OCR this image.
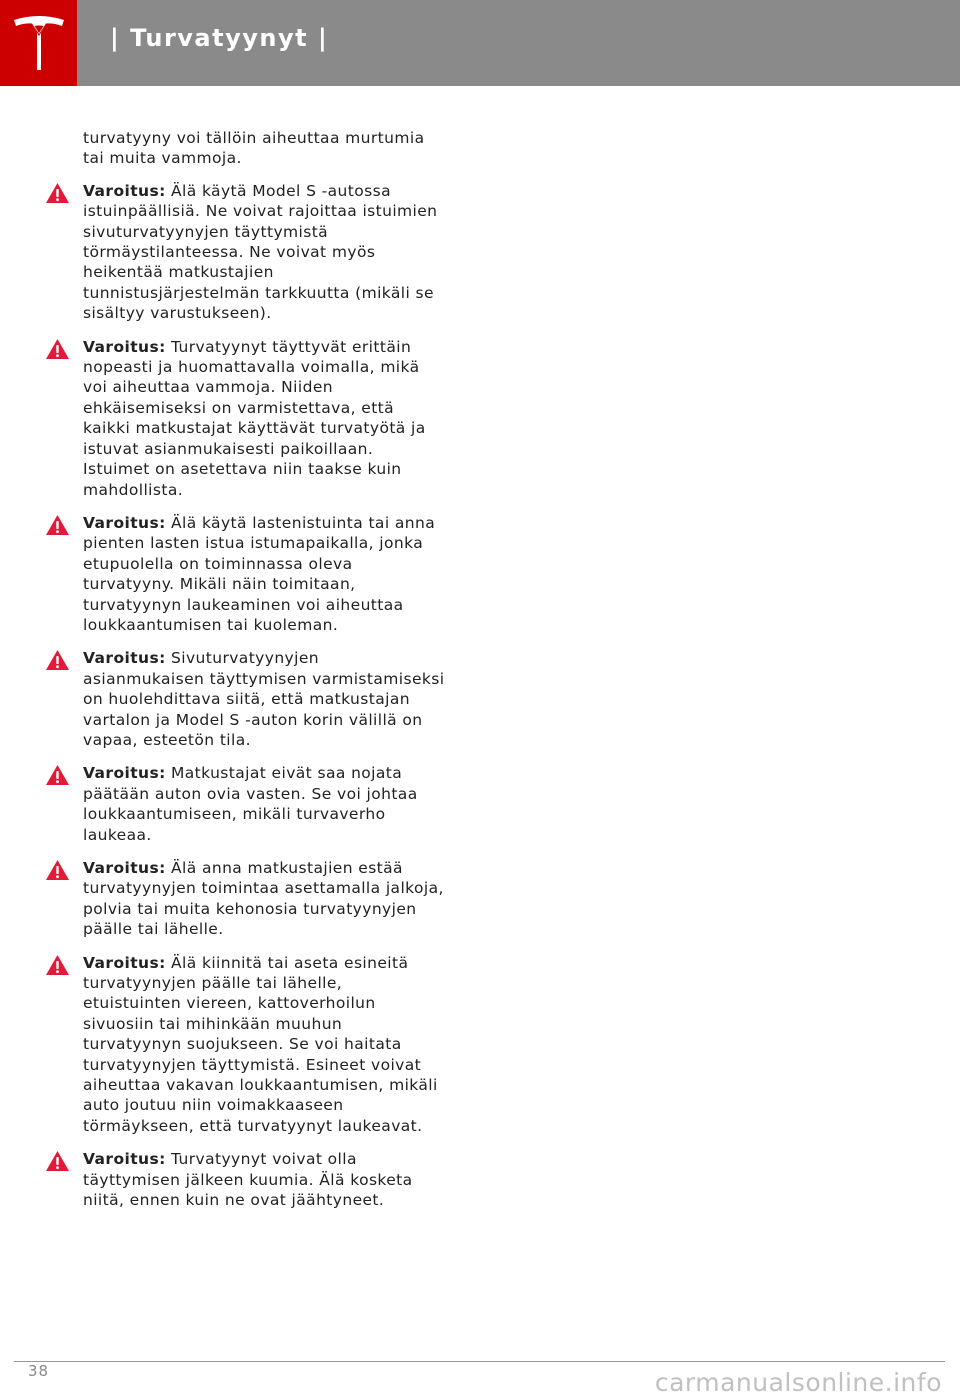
| Turvatyynyt |

turvatyyny voi tällöin aiheuttaa murtumia tai muita vammoja.

Varoitus: Älä käytä Model S -autossa istuinpäällisiä. Ne voivat rajoittaa istuimien sivuturvatyynyjen täyttymistä törmäystilanteessa. Ne voivat myös heikentää matkustajien tunnistusjärjestelmän tarkkuutta (mikäli se sisältyy varustukseen).
Varoitus: Turvatyynyt täyttyvät erittäin nopeasti ja huomattavalla voimalla, mikä voi aiheuttaa vammoja. Niiden ehkäisemiseksi on varmistettava, että kaikki matkustajat käyttävät turvatyötä ja istuvat asianmukaisesti paikoillaan. Istuimet on asetettava niin taakse kuin mahdollista.
Varoitus: Älä käytä lastenistuinta tai anna pienten lasten istua istumapaikalla, jonka etupuolella on toiminnassa oleva turvatyyny. Mikäli näin toimitaan, turvatyynyn laukeaminen voi aiheuttaa loukkaantumisen tai kuoleman.
Varoitus: Sivuturvatyynyjen asianmukaisen täyttymisen varmistamiseksi on huolehdittava siitä, että matkustajan vartalon ja Model S -auton korin välillä on vapaa, esteetön tila.
Varoitus: Matkustajat eivät saa nojata päätään auton ovia vasten. Se voi johtaa loukkaantumiseen, mikäli turvaverho laukeaa.
Varoitus: Älä anna matkustajien estää turvatyynyjen toimintaa asettamalla jalkoja, polvia tai muita kehonosia turvatyynyjen päälle tai lähelle.
Varoitus: Älä kiinnitä tai aseta esineitä turvatyynyjen päälle tai lähelle, etuistuinten viereen, kattoverhoilun sivuosiin tai mihinkään muuhun turvatyynyn suojukseen. Se voi haitata turvatyynyjen täyttymistä. Esineet voivat aiheuttaa vakavan loukkaantumisen, mikäli auto joutuu niin voimakkaaseen törmäykseen, että turvatyynyt laukeavat.
Varoitus: Turvatyynyt voivat olla täyttymisen jälkeen kuumia. Älä kosketa niitä, ennen kuin ne ovat jäähtyneet.
38	carmanualsonline.info
